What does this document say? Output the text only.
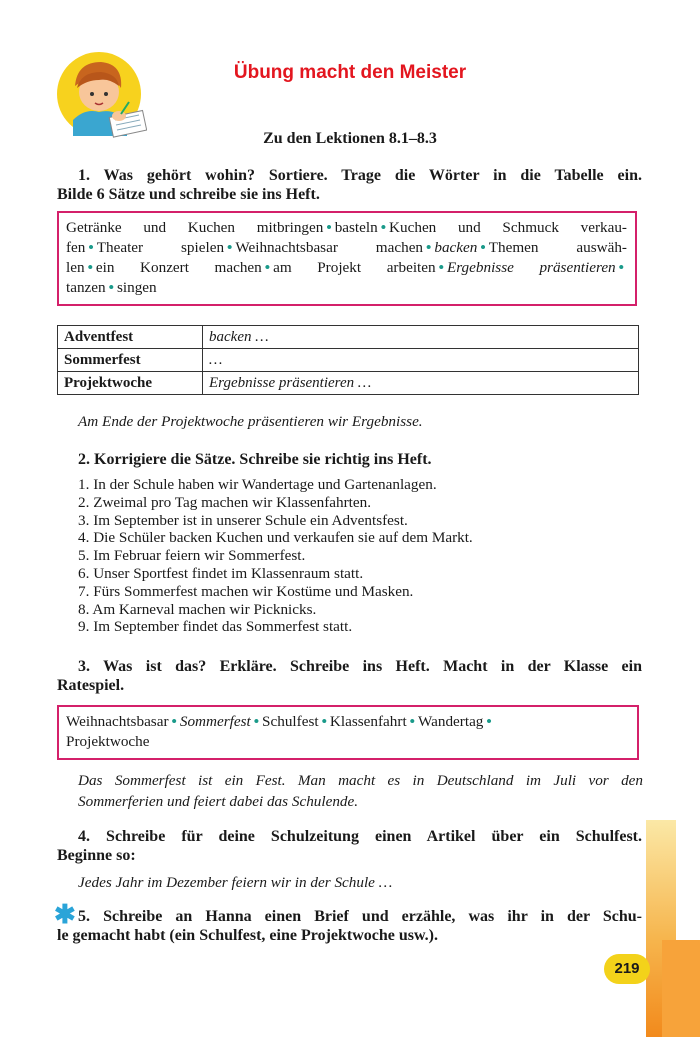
Übung macht den Meister
Zu den Lektionen 8.1–8.3
1. Was gehört wohin? Sortiere. Trage die Wörter in die Tabelle ein.
Bilde 6 Sätze und schreibe sie ins Heft.
Getränke und Kuchen mitbringen • basteln • Kuchen und Schmuck verkau-
fen • Theater spielen • Weihnachtsbasar machen • backen • Themen auswäh-
len • ein Konzert machen • am Projekt arbeiten • Ergebnisse präsentieren •
tanzen • singen
Adventfest	backen …
Sommerfest	…
Projektwoche	Ergebnisse präsentieren …
Am Ende der Projektwoche präsentieren wir Ergebnisse.
2. Korrigiere die Sätze. Schreibe sie richtig ins Heft.
1. In der Schule haben wir Wandertage und Gartenanlagen.
2. Zweimal pro Tag machen wir Klassenfahrten.
3. Im September ist in unserer Schule ein Adventsfest.
4. Die Schüler backen Kuchen und verkaufen sie auf dem Markt.
5. Im Februar feiern wir Sommerfest.
6. Unser Sportfest findet im Klassenraum statt.
7. Fürs Sommerfest machen wir Kostüme und Masken.
8. Am Karneval machen wir Picknicks.
9. Im September findet das Sommerfest statt.
3. Was ist das? Erkläre. Schreibe ins Heft. Macht in der Klasse ein
Ratespiel.
Weihnachtsbasar • Sommerfest • Schulfest • Klassenfahrt • Wandertag •
Projektwoche
Das Sommerfest ist ein Fest. Man macht es in Deutschland im Juli vor den
Sommerferien und feiert dabei das Schulende.
4. Schreibe für deine Schulzeitung einen Artikel über ein Schulfest.
Beginne so:
Jedes Jahr im Dezember feiern wir in der Schule …
✱ 5. Schreibe an Hanna einen Brief und erzähle, was ihr in der Schu-
le gemacht habt (ein Schulfest, eine Projektwoche usw.).
219
